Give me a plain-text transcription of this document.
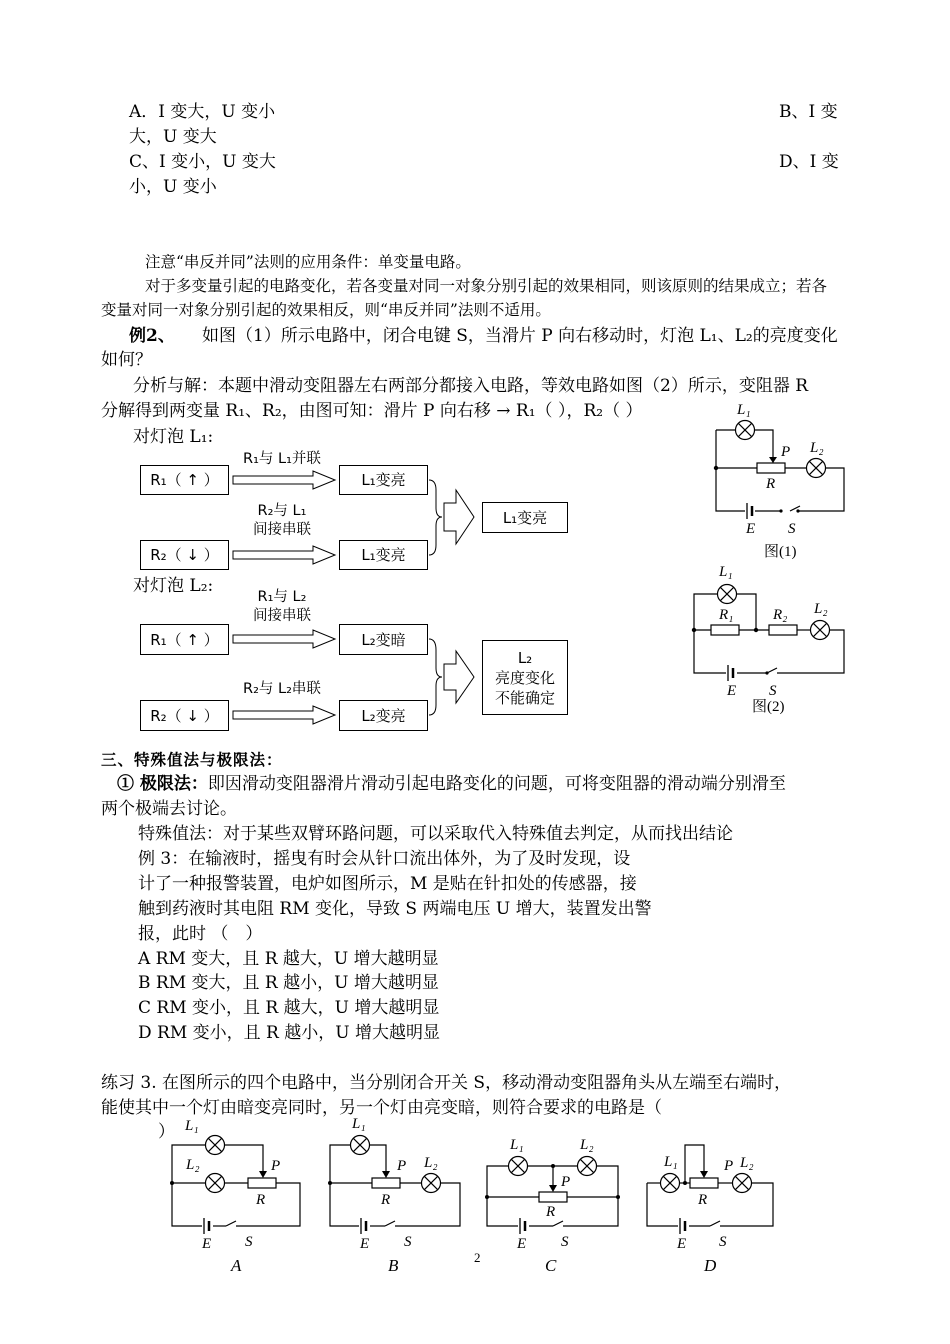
A．I 变大，U 变小	B、I 变
大，U 变大
C、I 变小，U 变大	D、I 变
小，U 变小
注意“串反并同”法则的应用条件：单变量电路。
对于多变量引起的电路变化，若各变量对同一对象分别引起的效果相同，则该原则的结果成立；若各
变量对同一对象分别引起的效果相反，则“串反并同”法则不适用。
例2、 如图（1）所示电路中，闭合电键 S，当滑片 P 向右移动时，灯泡 L₁、L₂的亮度变化
如何？
分析与解：本题中滑动变阻器左右两部分都接入电路，等效电路如图（2）所示，变阻器 R
分解得到两变量 R₁、R₂，由图可知：滑片 P 向右移 → R₁（ ），R₂（ ）
对灯泡 L₁:
R₁（ ↑ ）
R₁与 L₁并联
L₁变亮
R₂与 L₁
间接串联
R₂（ ↓ ）	L₁变亮
L₁变亮
对灯泡 L₂:
R₁与 L₂
间接串联
R₁（ ↑ ）	L₂变暗
R₂与 L₂串联
R₂（ ↓ ）	L₂变亮
L₂
亮度变化
不能确定
L₁
P L₂
R
E S
图(1)
L₁
R₁	R₂ L₂
E S
图(2)
三、特殊值法与极限法：
① 极限法：即因滑动变阻器滑片滑动引起电路变化的问题，可将变阻器的滑动端分别滑至
两个极端去讨论。
特殊值法：对于某些双臂环路问题，可以采取代入特殊值去判定，从而找出结论
例 3：在输液时，摇曳有时会从针口流出体外，为了及时发现，设
计了一种报警装置，电炉如图所示，M 是贴在针扣处的传感器，接
触到药液时其电阻 RM 变化，导致 S 两端电压 U 增大，装置发出警
报，此时 （　）
A RM 变大，且 R 越大，U 增大越明显
B RM 变大，且 R 越小，U 增大越明显
C RM 变小，且 R 越大，U 增大越明显
D RM 变小，且 R 越小，U 增大越明显
练习 3. 在图所示的四个电路中，当分别闭合开关 S，移动滑动变阻器角头从左端至右端时，
能使其中一个灯由暗变亮同时，另一个灯由亮变暗，则符合要求的电路是（
） L₁
L₂	P
R
E S
A
L₁
P L₂
R
E S
B
L₁	L₂
P
R
E S
C
L₁	P L₂
R
E S
D
2
